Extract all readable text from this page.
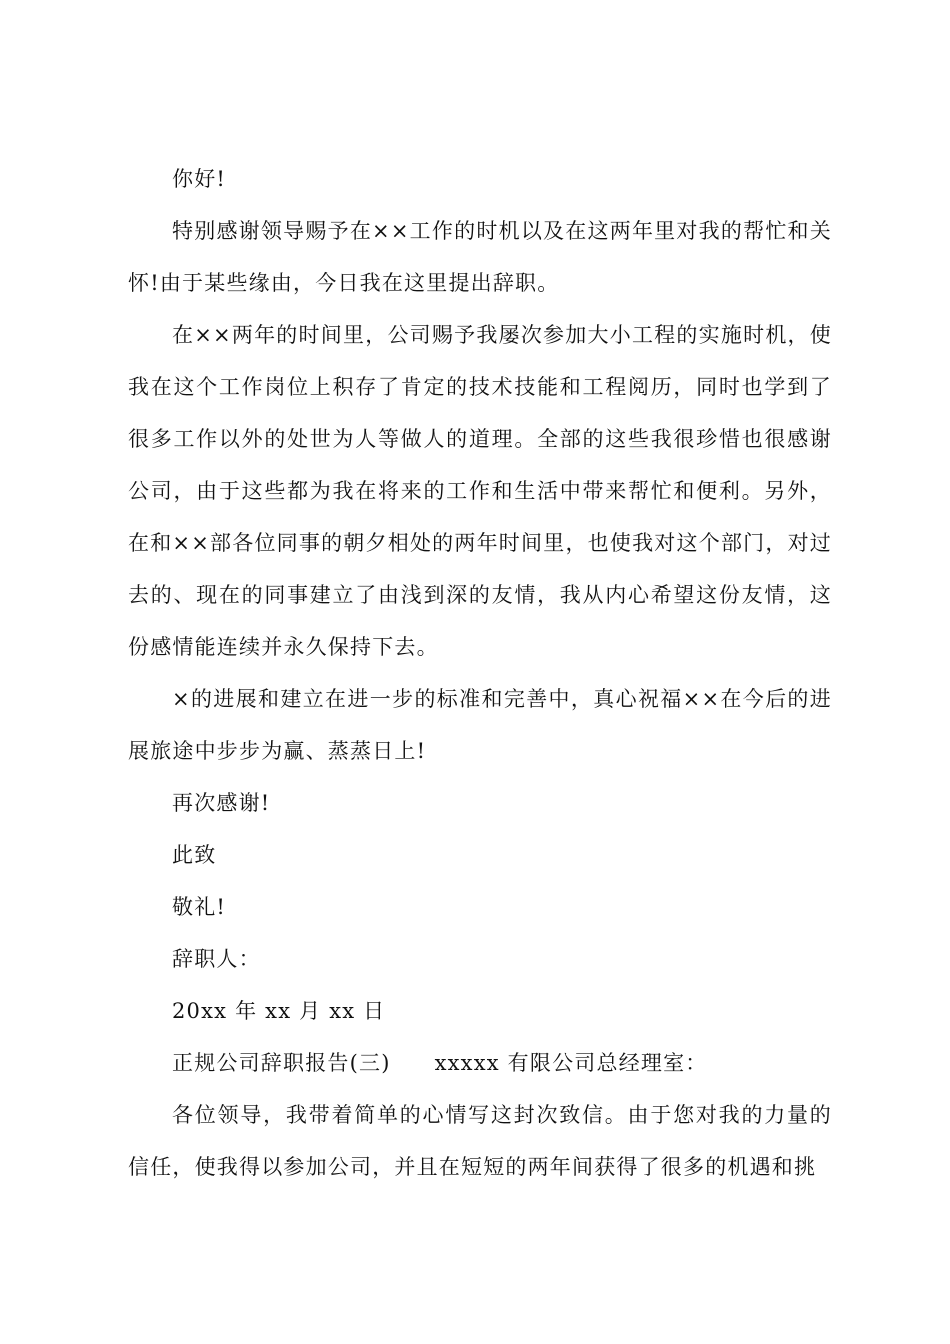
你好!

特别感谢领导赐予在××工作的时机以及在这两年里对我的帮忙和关怀!由于某些缘由，今日我在这里提出辞职。

在××两年的时间里，公司赐予我屡次参加大小工程的实施时机，使我在这个工作岗位上积存了肯定的技术技能和工程阅历，同时也学到了很多工作以外的处世为人等做人的道理。全部的这些我很珍惜也很感谢公司，由于这些都为我在将来的工作和生活中带来帮忙和便利。另外，在和××部各位同事的朝夕相处的两年时间里，也使我对这个部门，对过去的、现在的同事建立了由浅到深的友情，我从内心希望这份友情，这份感情能连续并永久保持下去。

×的进展和建立在进一步的标准和完善中，真心祝福××在今后的进展旅途中步步为赢、蒸蒸日上!

再次感谢!

此致

敬礼!

辞职人：

20xx 年 xx 月 xx 日

正规公司辞职报告(三) xxxxx 有限公司总经理室：

各位领导，我带着简单的心情写这封次致信。由于您对我的力量的信任，使我得以参加公司，并且在短短的两年间获得了很多的机遇和挑
